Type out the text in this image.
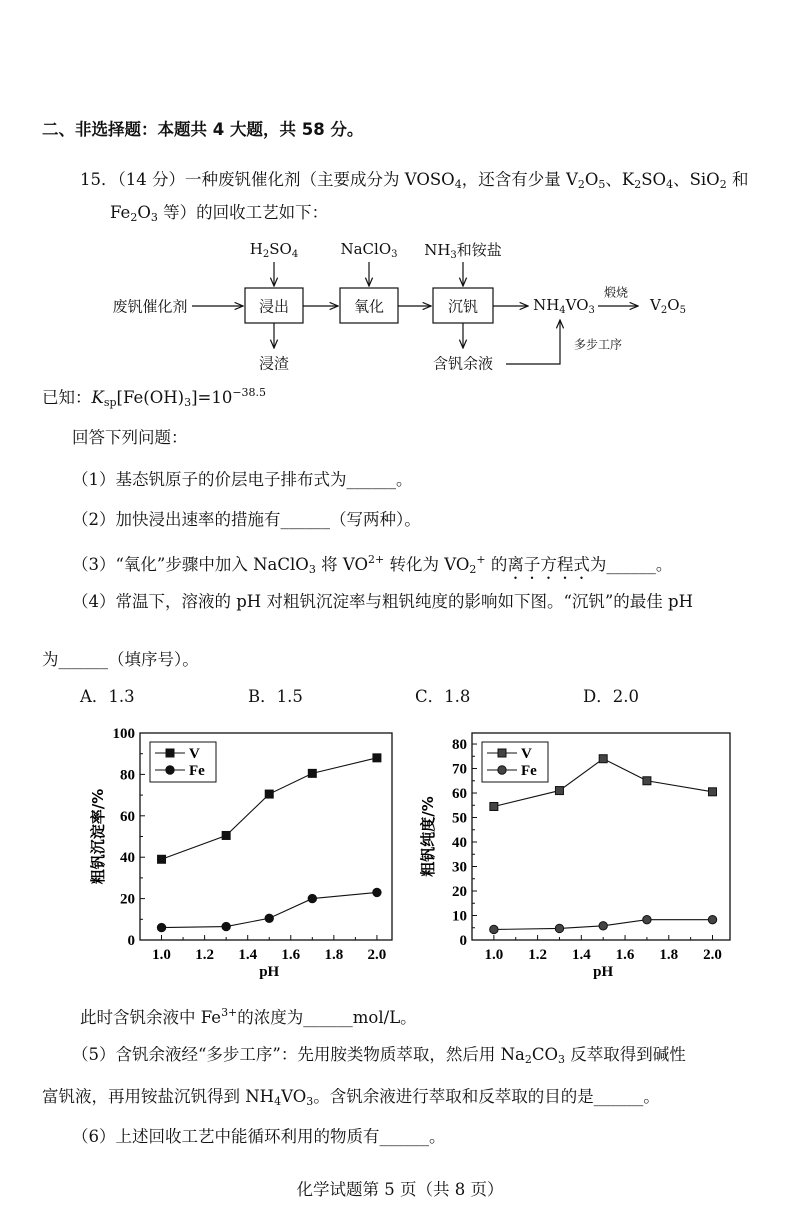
二、非选择题：本题共 4 大题，共 58 分。
15．（14 分）一种废钒催化剂（主要成分为 $VOSO_4$，还含有少量 $V_2O_5$、$K_2SO_4$、SiO$_2$ 和
$Fe_2O_3$ 等）的回收工艺如下：
废钒催化剂	浸出	氧化	沉钒
$H_2SO_4$	NaClO$_3$ $NH_3$和铵盐
浸渣	含钒余液
$NH_4VO_3$
煅烧
$V_2O_5$
多步工序
已知：$K_{sp}[Fe(OH)_3]=10^{-38.5}$
回答下列问题：
（1）基态钒原子的价层电子排布式为______。
（2）加快浸出速率的措施有______（写两种）。
（3）“氧化”步骤中加入 NaClO$_3$ 将 $VO^{2+}$ 转化为 $VO_2^+$ 的离子方程式为______。
（4）常温下，溶液的 pH 对粗钒沉淀率与粗钒纯度的影响如下图。“沉钒”的最佳 pH
为______（填序号）。
A．1.3	B．1.5	C．1.8	D．2.0
1.0 1.2 1.4 1.6 1.8 2.0
0
20
40
60
80
100
pH
粗钒沉淀率/%
V
Fe
1.0 1.2 1.4 1.6 1.8 2.0
0
10
20
30
40
50
60
70
80
pH
粗钒纯度/%
V
Fe
此时含钒余液中 $Fe^{3+}$的浓度为______mol/L。
（5）含钒余液经“多步工序”：先用胺类物质萃取，然后用 $Na_2CO_3$ 反萃取得到碱性
富钒液，再用铵盐沉钒得到 $NH_4VO_3$。含钒余液进行萃取和反萃取的目的是______。
（6）上述回收工艺中能循环利用的物质有______。
化学试题第 5 页（共 8 页）
